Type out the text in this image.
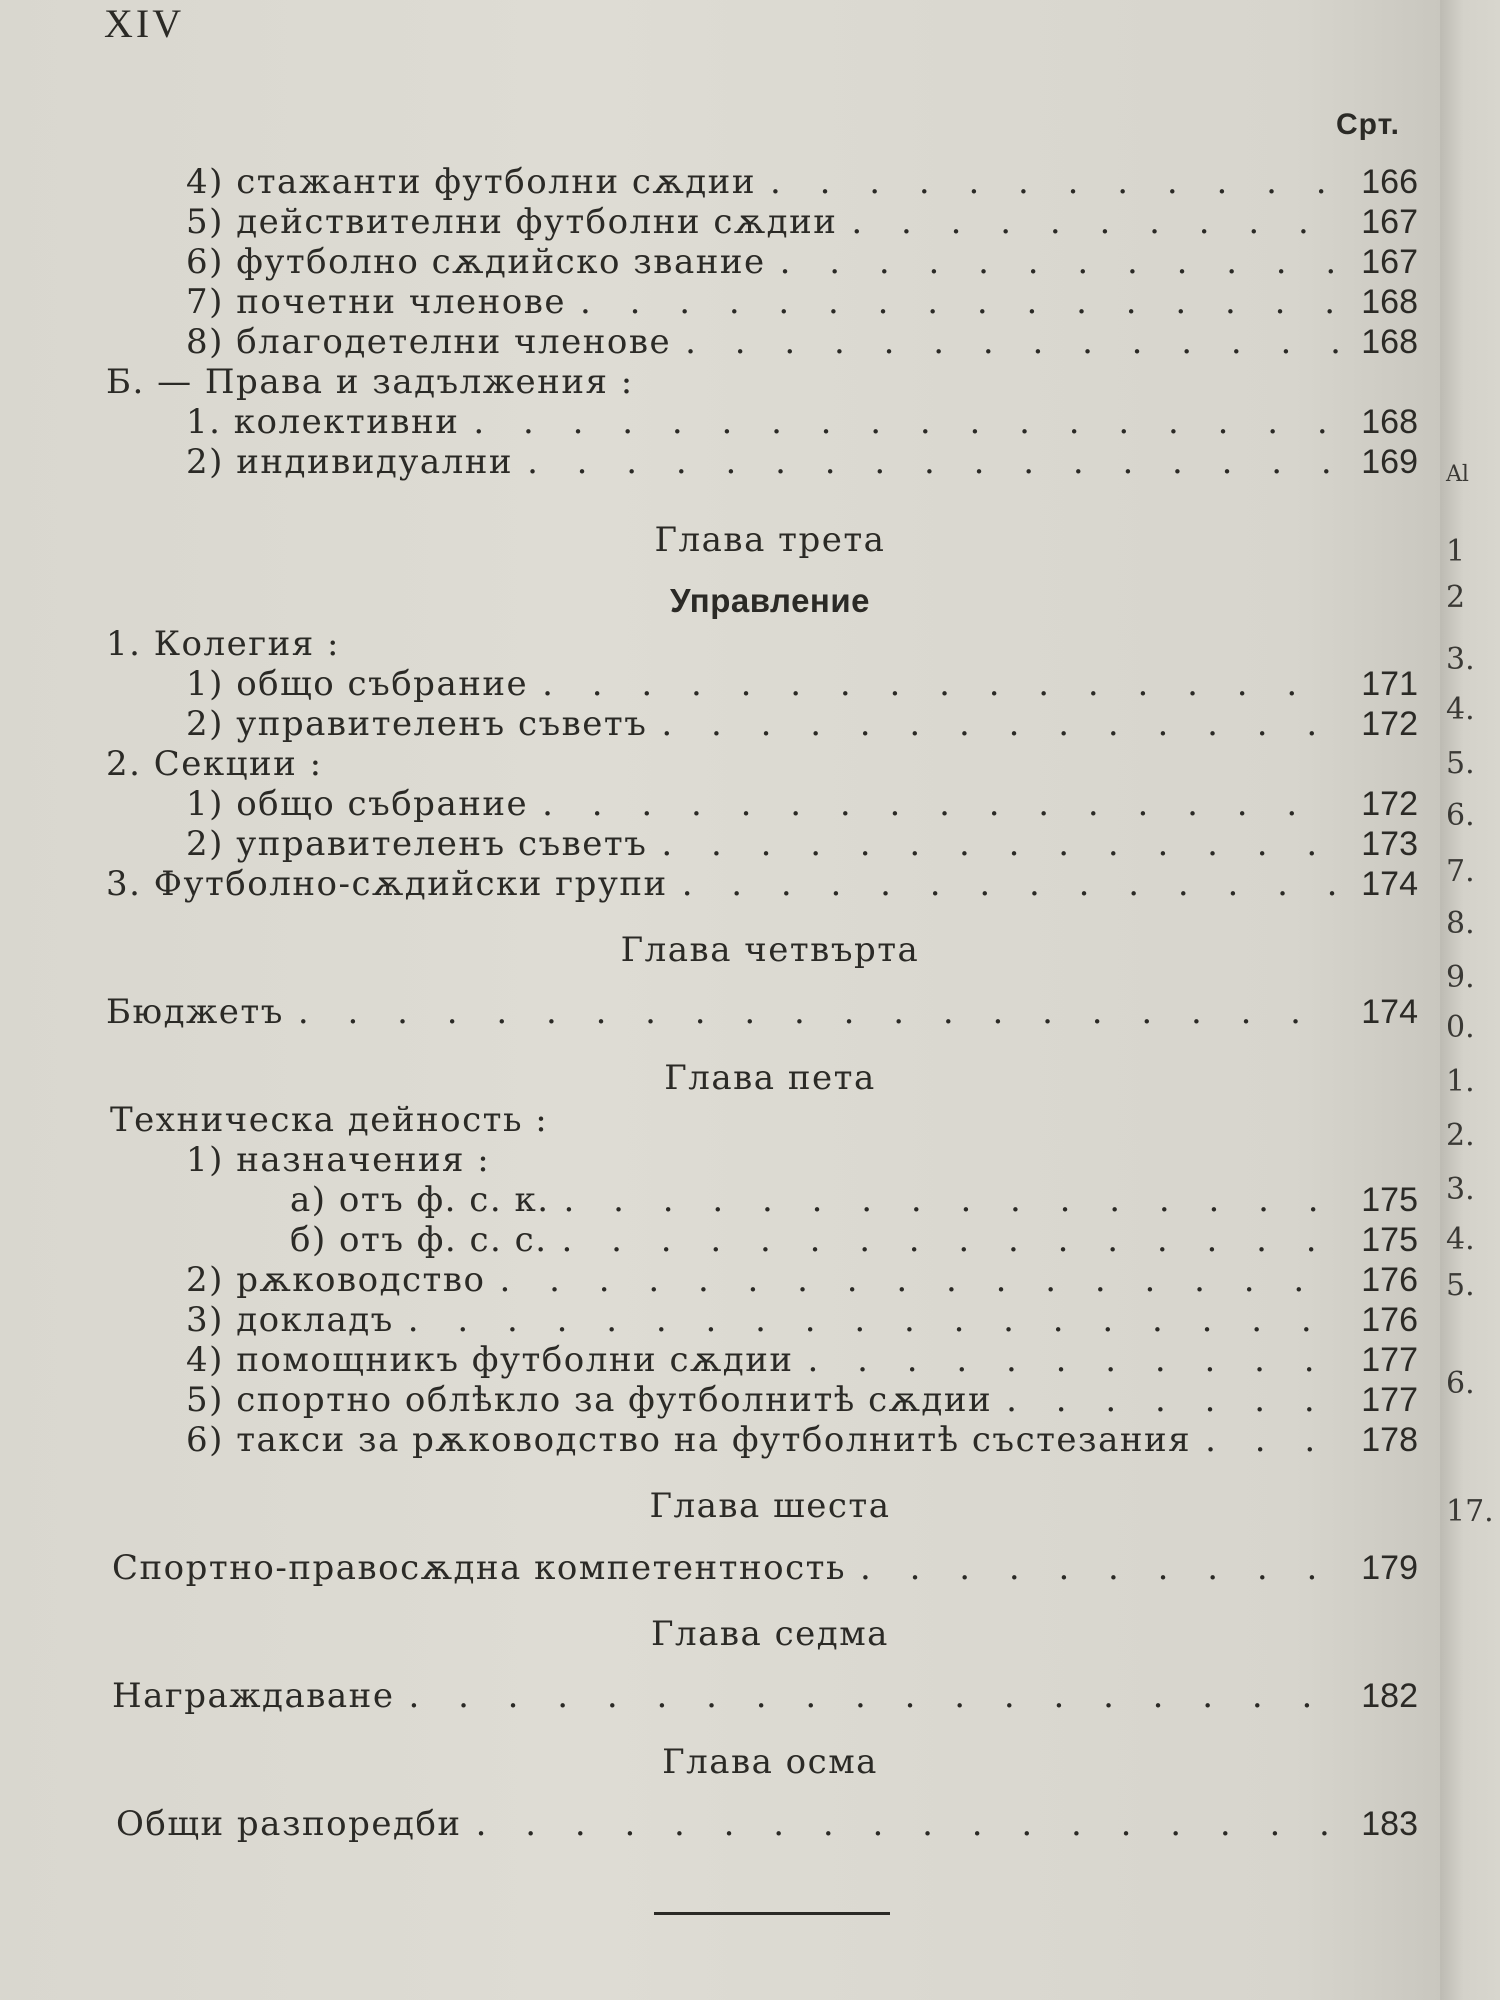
XIV
Срт.
4) стажанти футболни сѫдии . . .	166
5) действителни футболни сѫдии . . .	167
6) футболно сѫдийско звание . . .	167
7) почетни членове . . .	168
8) благодетелни членове . . .	168
Б. — Права и задължения :
1. колективни . . .	168
2) индивидуални . . .	169
Глава трета
Управление
1. Колегия :
1) общо събрание . . .	171
2) управителенъ съветъ . . .	172
2. Секции :
1) общо събрание . . .	172
2) управителенъ съветъ . . .	173
3. Футболно-сѫдийски групи . . .	174
Глава четвърта
Бюджетъ . . .	174
Глава пета
Техническа дейность :
1) назначения :
а) отъ ф. с. к. . . .	175
б) отъ ф. с. с. . . .	175
2) рѫководство . . .	176
3) докладъ . . .	176
4) помощникъ футболни сѫдии . . .	177
5) спортно облѣкло за футболнитѣ сѫдии . . .	177
6) такси за рѫководство на футболнитѣ състезания . . .	178
Глава шеста
Спортно-правосѫдна компетентность . . .	179
Глава седма
Награждаване . . .	182
Глава осма
Общи разпоредби . . .	183
Al
1
2
3.
4.
5.
6.
7.
8.
9.
0.
1.
2.
3.
4.
5.
6.
17.
